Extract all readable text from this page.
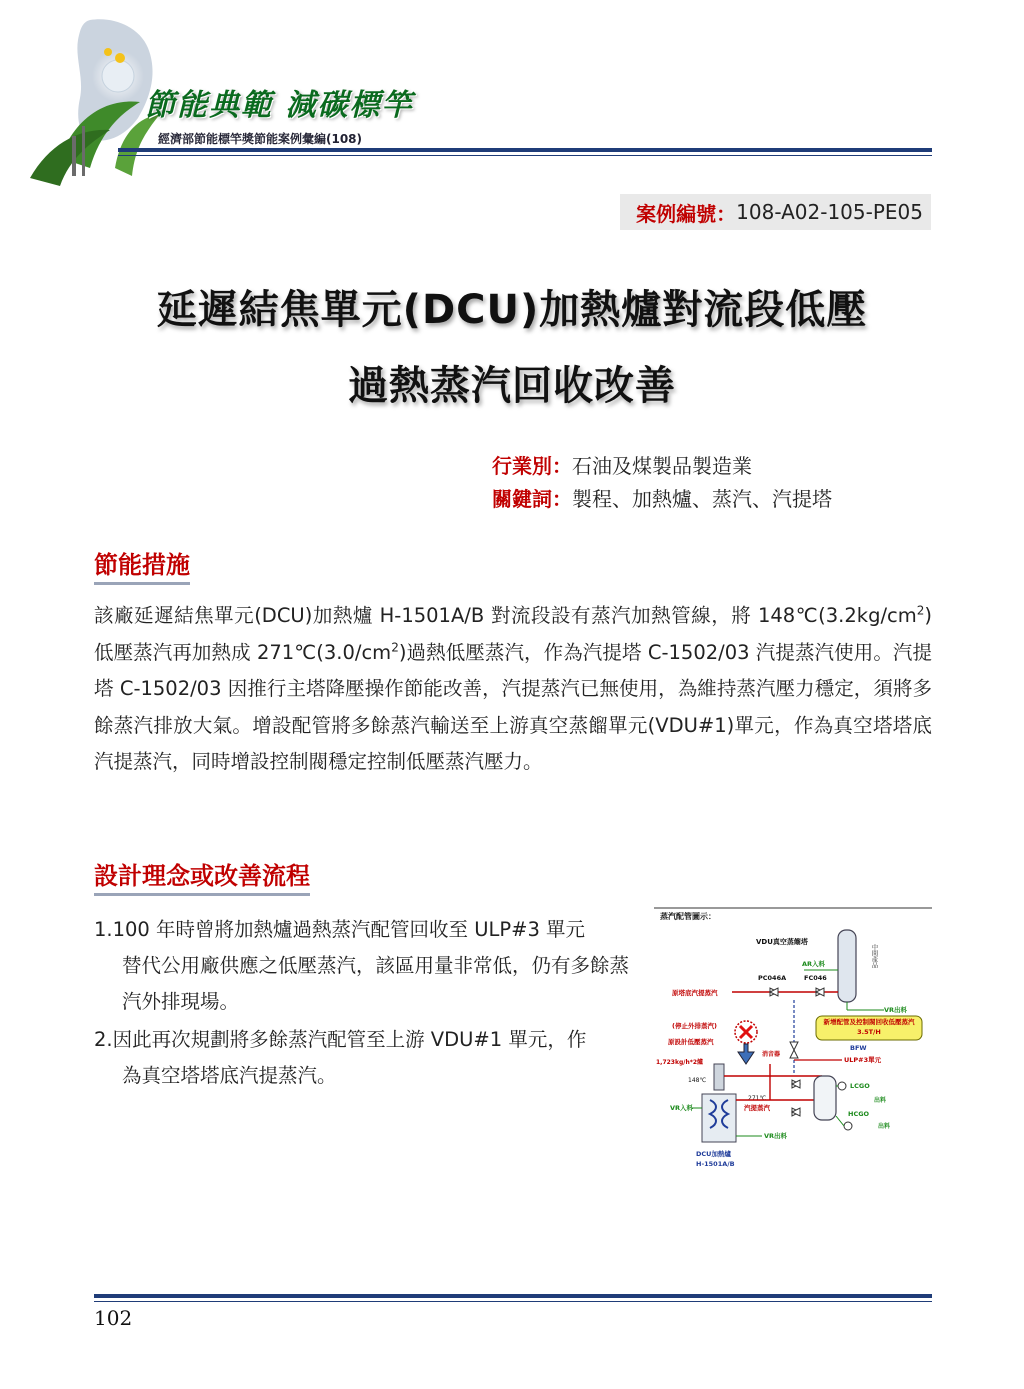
節能典範 減碳標竿
經濟部節能標竿獎節能案例彙編(108)
案例編號： 108-A02-105-PE05
延遲結焦單元(DCU)加熱爐對流段低壓
過熱蒸汽回收改善
行業別：石油及煤製品製造業
關鍵詞：製程、加熱爐、蒸汽、汽提塔
節能措施
該廠延遲結焦單元(DCU)加熱爐 H-1501A/B 對流段設有蒸汽加熱管線，將 $148℃(3.2kg/cm^2)$低壓蒸汽再加熱成 $271℃(3.0/cm^2)$過熱低壓蒸汽，作為汽提塔 C-1502/03 汽提蒸汽使用。汽提塔 C-1502/03 因推行主塔降壓操作節能改善，汽提蒸汽已無使用，為維持蒸汽壓力穩定，須將多餘蒸汽排放大氣。增設配管將多餘蒸汽輸送至上游真空蒸餾單元(VDU#1)單元，作為真空塔塔底汽提蒸汽，同時增設控制閥穩定控制低壓蒸汽壓力。
設計理念或改善流程
1.100 年時曾將加熱爐過熱蒸汽配管回收至 ULP#3 單元
替代公用廠供應之低壓蒸汽，該區用量非常低，仍有多餘蒸汽外排現場。
2.因此再次規劃將多餘蒸汽配管至上游 VDU#1 單元，作
為真空塔塔底汽提蒸汽。
蒸汽配管圖示：
VDU真空蒸餾塔
中間產品
AR入料
PC046A	FC046
原塔底汽提蒸汽
VR出料
新增配管及控制閥回收低壓蒸汽3.5T/H
(停止外排蒸汽)
BFW
ULP#3單元
原設計低壓蒸汽
1,723kg/h*2爐
消音器
148℃
271℃
汽提蒸汽
VR入料
LCGO
出料
HCGO
出料
VR出料
DCU加熱爐
H-1501A/B
102
